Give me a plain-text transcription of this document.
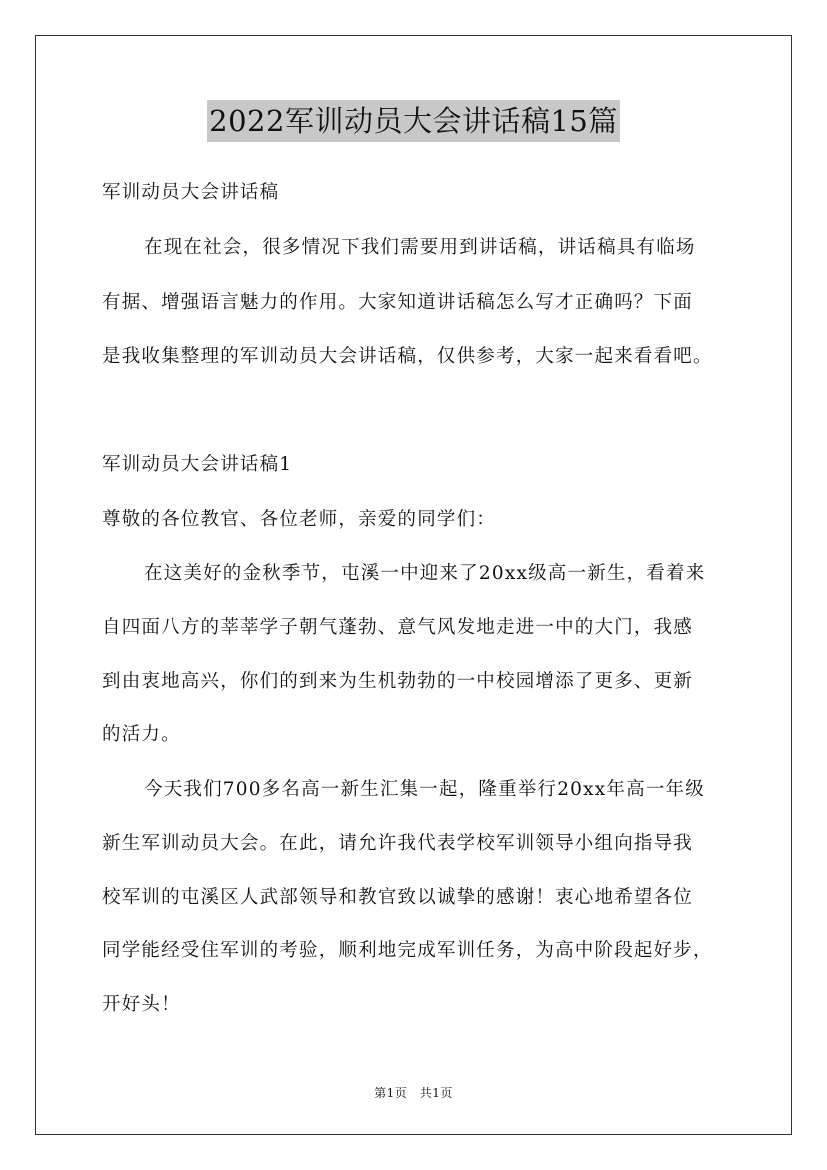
2022军训动员大会讲话稿15篇
军训动员大会讲话稿
在现在社会，很多情况下我们需要用到讲话稿，讲话稿具有临场
有据、增强语言魅力的作用。大家知道讲话稿怎么写才正确吗？下面
是我收集整理的军训动员大会讲话稿，仅供参考，大家一起来看看吧。
军训动员大会讲话稿1
尊敬的各位教官、各位老师，亲爱的同学们：
在这美好的金秋季节，屯溪一中迎来了20xx级高一新生，看着来
自四面八方的莘莘学子朝气蓬勃、意气风发地走进一中的大门，我感
到由衷地高兴，你们的到来为生机勃勃的一中校园增添了更多、更新
的活力。
今天我们700多名高一新生汇集一起，隆重举行20xx年高一年级
新生军训动员大会。在此，请允许我代表学校军训领导小组向指导我
校军训的屯溪区人武部领导和教官致以诚挚的感谢！衷心地希望各位
同学能经受住军训的考验，顺利地完成军训任务，为高中阶段起好步，
开好头！
第1页　共1页
